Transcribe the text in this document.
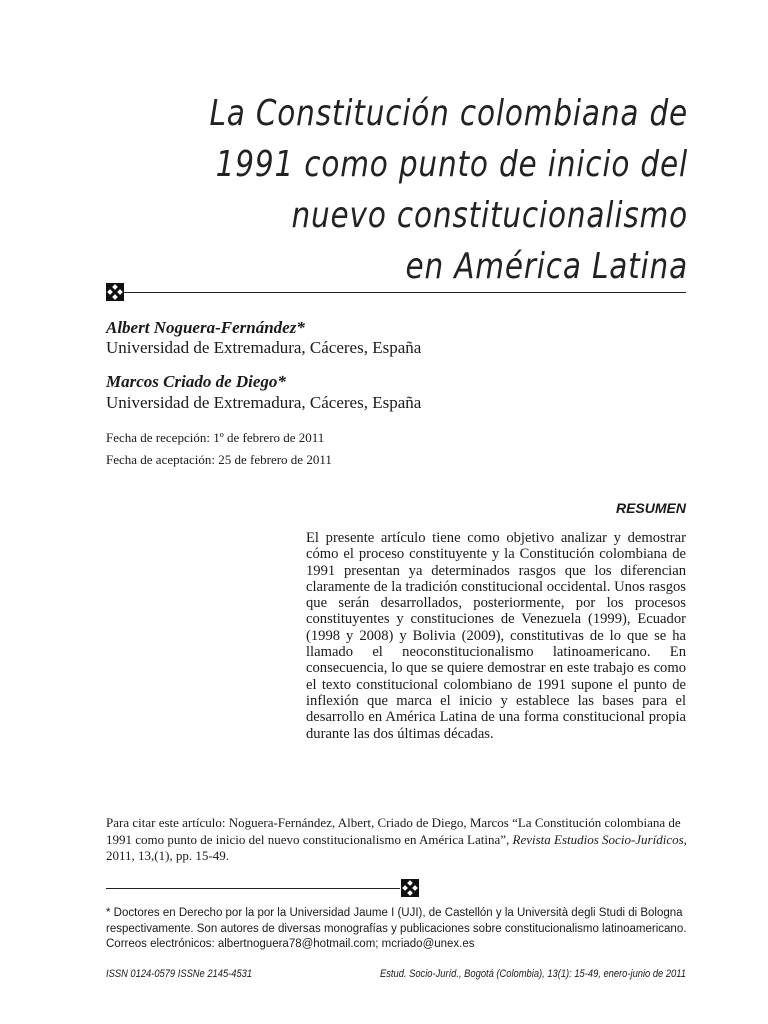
La Constitución colombiana de
1991 como punto de inicio del
nuevo constitucionalismo
en América Latina
Albert Noguera-Fernández*
Universidad de Extremadura, Cáceres, España
Marcos Criado de Diego*
Universidad de Extremadura, Cáceres, España
Fecha de recepción: 1º de febrero de 2011
Fecha de aceptación: 25 de febrero de 2011
RESUMEN
El presente artículo tiene como objetivo analizar y demostrar cómo el proceso constituyente y la Constitución colombiana de 1991 presentan ya determinados rasgos que los diferencian claramente de la tradición constitucional occidental. Unos rasgos que serán desarrollados, posteriormente, por los procesos constituyentes y constituciones de Venezuela (1999), Ecuador (1998 y 2008) y Bolivia (2009), constitutivas de lo que se ha llamado el neoconstitucionalismo latinoamericano. En consecuencia, lo que se quiere demostrar en este trabajo es como el texto constitucional colombiano de 1991 supone el punto de inflexión que marca el inicio y establece las bases para el desarrollo en América Latina de una forma constitucional propia durante las dos últimas décadas.
Para citar este artículo: Noguera-Fernández, Albert, Criado de Diego, Marcos “La Constitución colombiana de 1991 como punto de inicio del nuevo constitucionalismo en América Latina”, Revista Estudios Socio-Jurídicos, 2011, 13,(1), pp. 15-49.
* Doctores en Derecho por la por la Universidad Jaume I (UJI), de Castellón y la Università degli Studi di Bologna respectivamente. Son autores de diversas monografías y publicaciones sobre constitucionalismo latinoamericano. Correos electrónicos: albertnoguera78@hotmail.com; mcriado@unex.es
ISSN 0124-0579 ISSNe 2145-4531	Estud. Socio-Juríd., Bogotá (Colombia), 13(1): 15-49, enero-junio de 2011
